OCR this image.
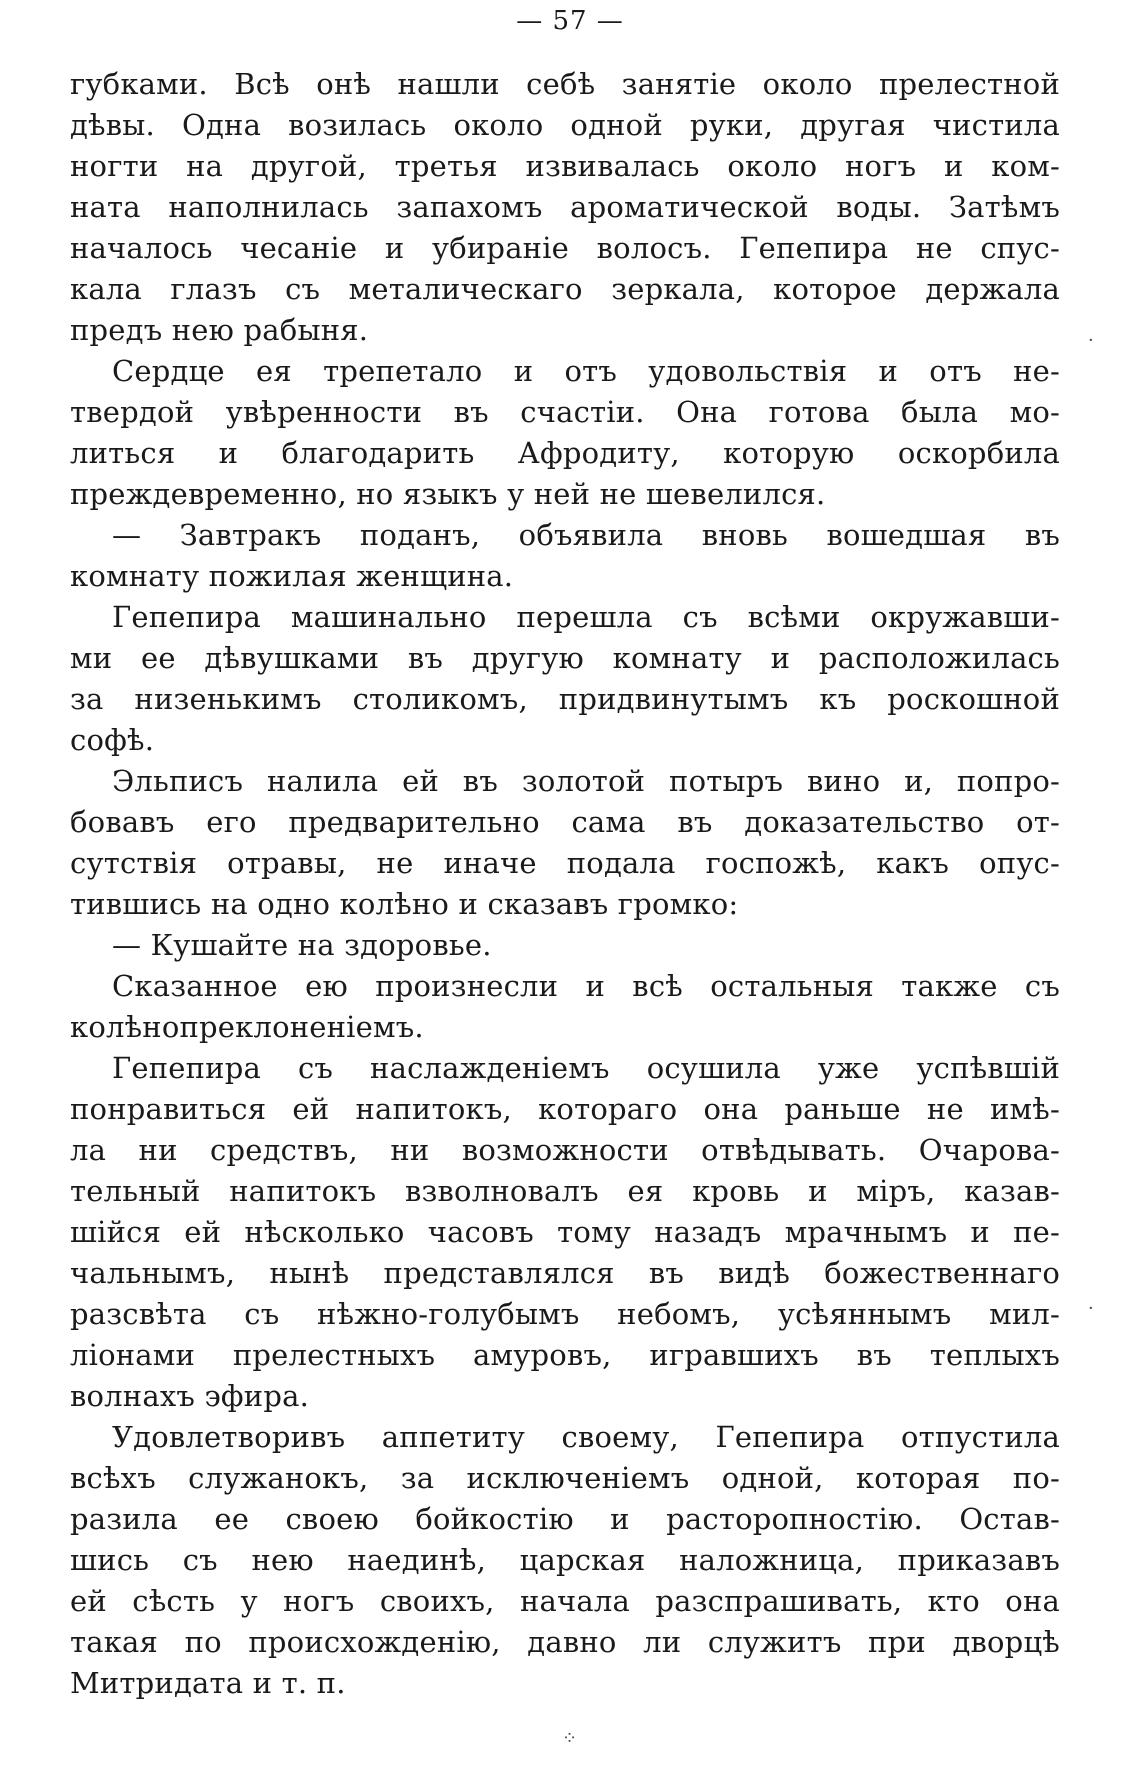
— 57 —
губками. Всѣ онѣ нашли себѣ занятіе около прелестной
дѣвы. Одна возилась около одной руки, другая чистила
ногти на другой, третья извивалась около ногъ и ком-
ната наполнилась запахомъ ароматической воды. Затѣмъ
началось чесаніе и убираніе волосъ. Гепепира не спус-
кала глазъ съ металическаго зеркала, которое держала
предъ нею рабыня.
Сердце ея трепетало и отъ удовольствія и отъ не-
твердой увѣренности въ счастіи. Она готова была мо-
литься и благодарить Афродиту, которую оскорбила
преждевременно, но языкъ у ней не шевелился.
— Завтракъ поданъ, объявила вновь вошедшая въ
комнату пожилая женщина.
Гепепира машинально перешла съ всѣми окружавши-
ми ее дѣвушками въ другую комнату и расположилась
за низенькимъ столикомъ, придвинутымъ къ роскошной
софѣ.
Эльписъ налила ей въ золотой потыръ вино и, попро-
бовавъ его предварительно сама въ доказательство от-
сутствія отравы, не иначе подала госпожѣ, какъ опус-
тившись на одно колѣно и сказавъ громко:
— Кушайте на здоровье.
Сказанное ею произнесли и всѣ остальныя также съ
колѣнопреклоненіемъ.
Гепепира съ наслажденіемъ осушила уже успѣвшій
понравиться ей напитокъ, котораго она раньше не имѣ-
ла ни средствъ, ни возможности отвѣдывать. Очарова-
тельный напитокъ взволновалъ ея кровь и міръ, казав-
шійся ей нѣсколько часовъ тому назадъ мрачнымъ и пе-
чальнымъ, нынѣ представлялся въ видѣ божественнаго
разсвѣта съ нѣжно-голубымъ небомъ, усѣяннымъ мил-
ліонами прелестныхъ амуровъ, игравшихъ въ теплыхъ
волнахъ эфира.
Удовлетворивъ аппетиту своему, Гепепира отпустила
всѣхъ служанокъ, за исключеніемъ одной, которая по-
разила ее своею бойкостію и расторопностію. Остав-
шись съ нею наединѣ, царская наложница, приказавъ
ей сѣсть у ногъ своихъ, начала разспрашивать, кто она
такая по происхожденію, давно ли служитъ при дворцѣ
Митридата и т. п.
·
·
⁘
